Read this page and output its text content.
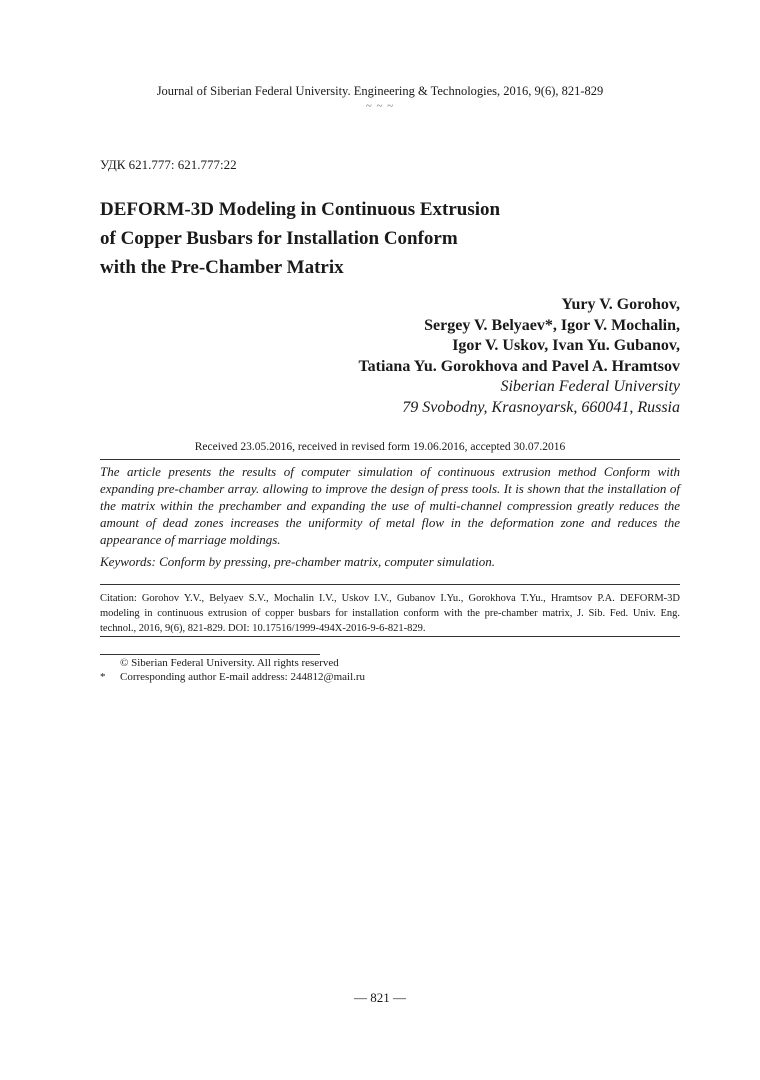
Journal of Siberian Federal University. Engineering & Technologies, 2016, 9(6), 821-829
~ ~ ~
УДК 621.777: 621.777:22
DEFORM-3D Modeling in Continuous Extrusion
of Copper Busbars for Installation Conform
with the Pre-Chamber Matrix
Yury V. Gorohov,
Sergey V. Belyaev*, Igor V. Mochalin,
Igor V. Uskov, Ivan Yu. Gubanov,
Tatiana Yu. Gorokhova and Pavel A. Hramtsov
Siberian Federal University
79 Svobodny, Krasnoyarsk, 660041, Russia
Received 23.05.2016, received in revised form 19.06.2016, accepted 30.07.2016

The article presents the results of computer simulation of continuous extrusion method Conform with expanding pre-chamber array. allowing to improve the design of press tools. It is shown that the installation of the matrix within the prechamber and expanding the use of multi-channel compression greatly reduces the amount of dead zones increases the uniformity of metal flow in the deformation zone and reduces the appearance of marriage moldings.

Keywords: Conform by pressing, pre-chamber matrix, computer simulation.

Citation: Gorohov Y.V., Belyaev S.V., Mochalin I.V., Uskov I.V., Gubanov I.Yu., Gorokhova T.Yu., Hramtsov P.A. DEFORM-3D modeling in continuous extrusion of copper busbars for installation conform with the pre-chamber matrix, J. Sib. Fed. Univ. Eng. technol., 2016, 9(6), 821-829. DOI: 10.17516/1999-494X-2016-9-6-821-829.

© Siberian Federal University. All rights reserved
* Corresponding author E-mail address: 244812@mail.ru
— 821 —
